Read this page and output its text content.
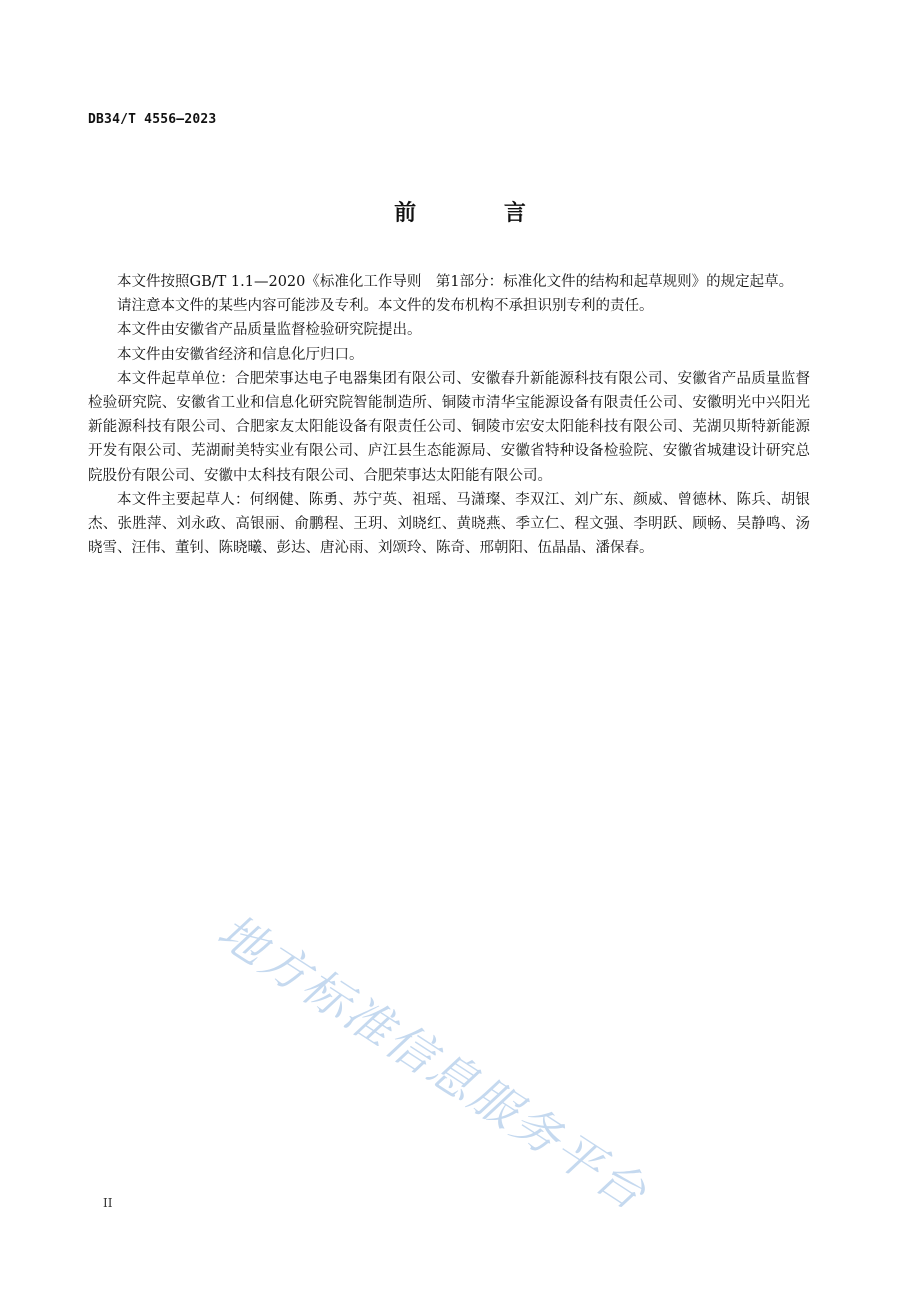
DB34/T 4556—2023
前 言

本文件按照GB/T 1.1—2020《标准化工作导则　第1部分：标准化文件的结构和起草规则》的规定起草。

请注意本文件的某些内容可能涉及专利。本文件的发布机构不承担识别专利的责任。

本文件由安徽省产品质量监督检验研究院提出。

本文件由安徽省经济和信息化厅归口。

本文件起草单位：合肥荣事达电子电器集团有限公司、安徽春升新能源科技有限公司、安徽省产品质量监督检验研究院、安徽省工业和信息化研究院智能制造所、铜陵市清华宝能源设备有限责任公司、安徽明光中兴阳光新能源科技有限公司、合肥家友太阳能设备有限责任公司、铜陵市宏安太阳能科技有限公司、芜湖贝斯特新能源开发有限公司、芜湖耐美特实业有限公司、庐江县生态能源局、安徽省特种设备检验院、安徽省城建设计研究总院股份有限公司、安徽中太科技有限公司、合肥荣事达太阳能有限公司。

本文件主要起草人：何纲健、陈勇、苏宁英、祖瑶、马潇璨、李双江、刘广东、颜威、曾德林、陈兵、胡银杰、张胜萍、刘永政、高银丽、俞鹏程、王玥、刘晓红、黄晓燕、季立仁、程文强、李明跃、顾畅、吴静鸣、汤晓雪、汪伟、董钊、陈晓曦、彭达、唐沁雨、刘颂玲、陈奇、邢朝阳、伍晶晶、潘保春。

地方标准信息服务平台
II
